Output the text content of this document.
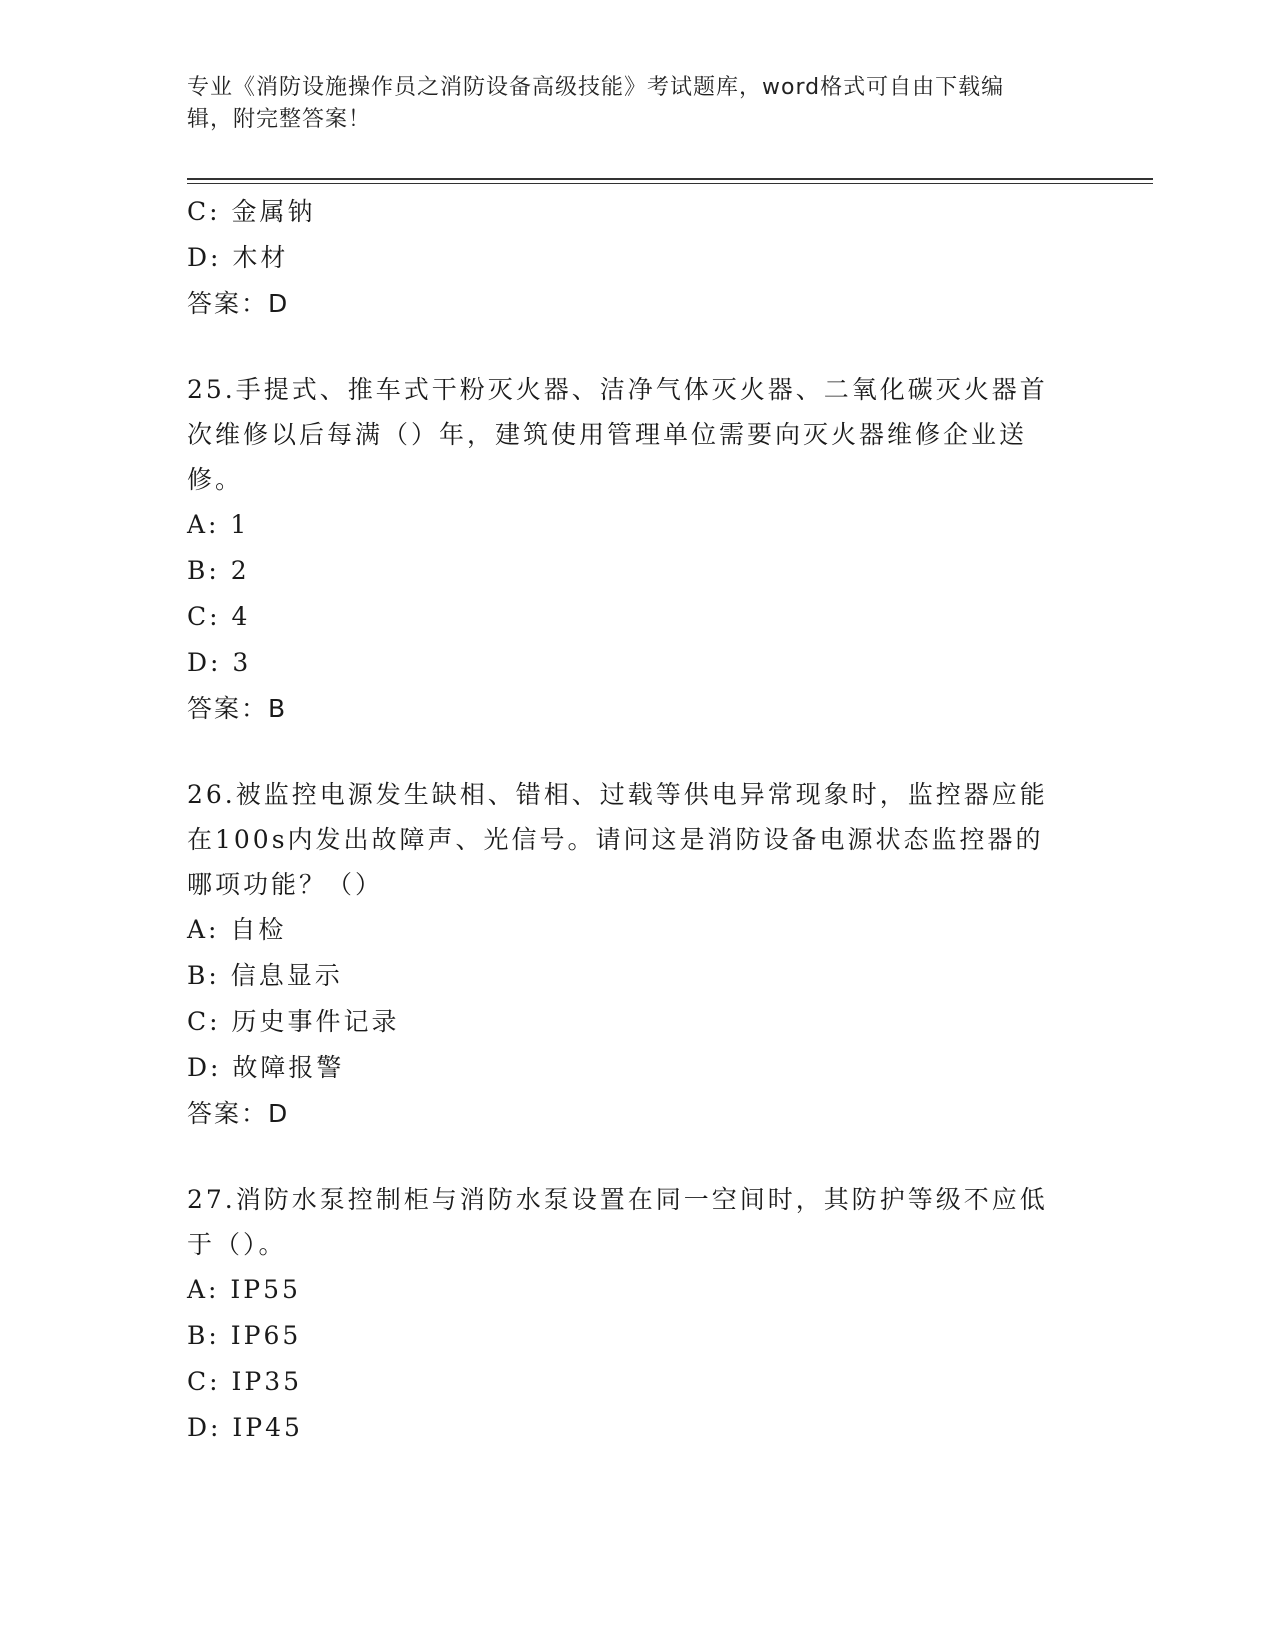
专业《消防设施操作员之消防设备高级技能》考试题库，word格式可自由下载编
辑，附完整答案！
C: 金属钠
D: 木材
答案：D
25.手提式、推车式干粉灭火器、洁净气体灭火器、二氧化碳灭火器首次维修以后每满（）年，建筑使用管理单位需要向灭火器维修企业送修。
A: 1
B: 2
C: 4
D: 3
答案：B
26.被监控电源发生缺相、错相、过载等供电异常现象时，监控器应能在100s内发出故障声、光信号。请问这是消防设备电源状态监控器的哪项功能？（）
A: 自检
B: 信息显示
C: 历史事件记录
D: 故障报警
答案：D
27.消防水泵控制柜与消防水泵设置在同一空间时，其防护等级不应低于（）。
A: IP55
B: IP65
C: IP35
D: IP45
